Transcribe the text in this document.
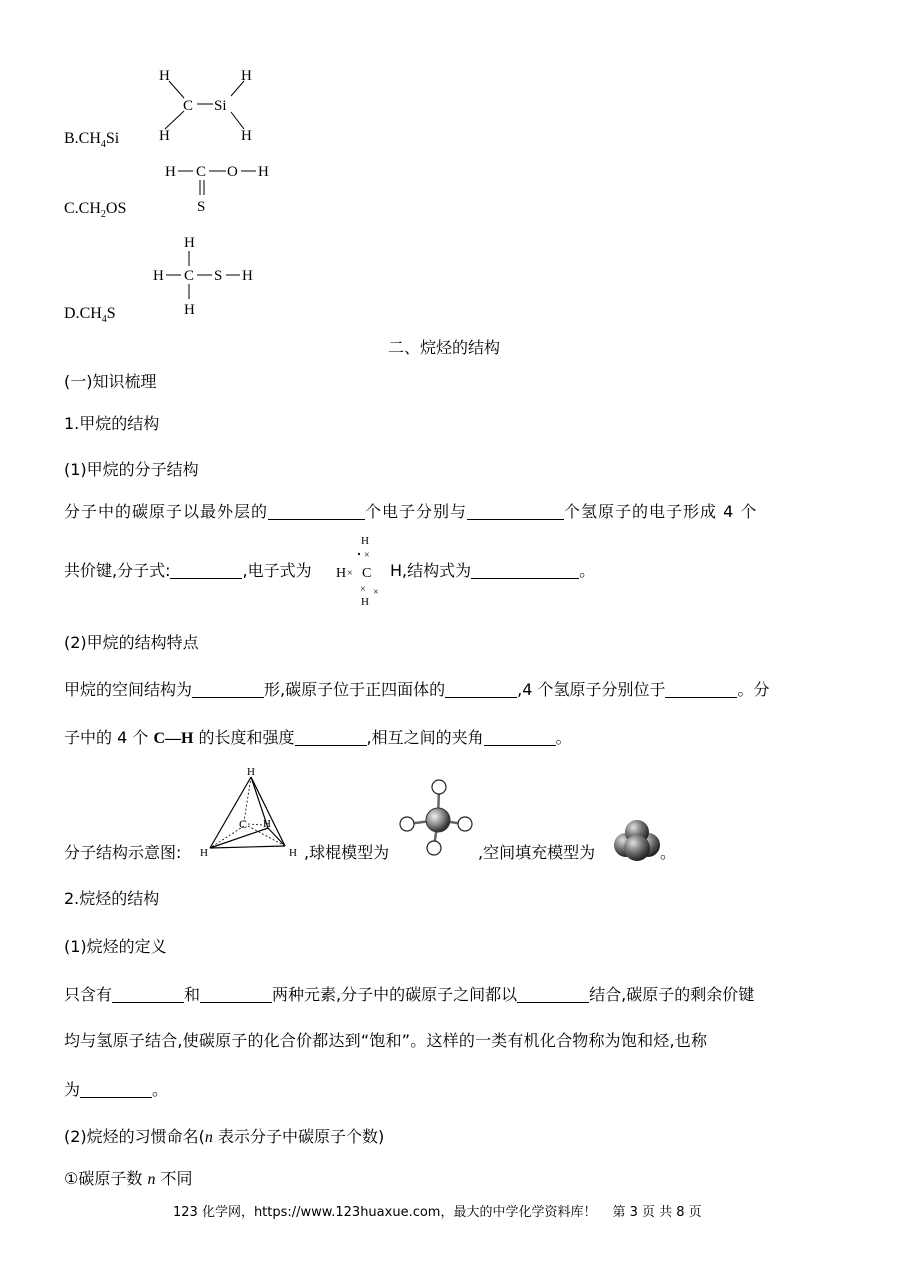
H	H
C Si
H	H
$B.CH_4Si$
H C O H
S
$C.CH_2OS$
H
H C S H
H
$D.CH_4S$
二、烷烃的结构
(一)知识梳理
1.甲烷的结构
(1)甲烷的分子结构
分子中的碳原子以最外层的	个电子分别与	个氢原子的电子形成 4 个
共价键,分子式:	,电子式为 H ×
H
×
C
×
H
×
H,结构式为	。
(2)甲烷的结构特点
甲烷的空间结构为	形,碳原子位于正四面体的	,4 个氢原子分别位于	。分
子中的 4 个 C—H 的长度和强度	,相互之间的夹角	。
分子结构示意图:
H
C H
H	H ,球棍模型为	,空间填充模型为	。
2.烷烃的结构
(1)烷烃的定义
只含有	和	两种元素,分子中的碳原子之间都以	结合,碳原子的剩余价键
均与氢原子结合,使碳原子的化合价都达到“饱和”。这样的一类有机化合物称为饱和烃,也称
为	。
(2)烷烃的习惯命名(n 表示分子中碳原子个数)
①碳原子数 n 不同
123 化学网，https://www.123huaxue.com，最大的中学化学资料库！ 第 3 页 共 8 页
